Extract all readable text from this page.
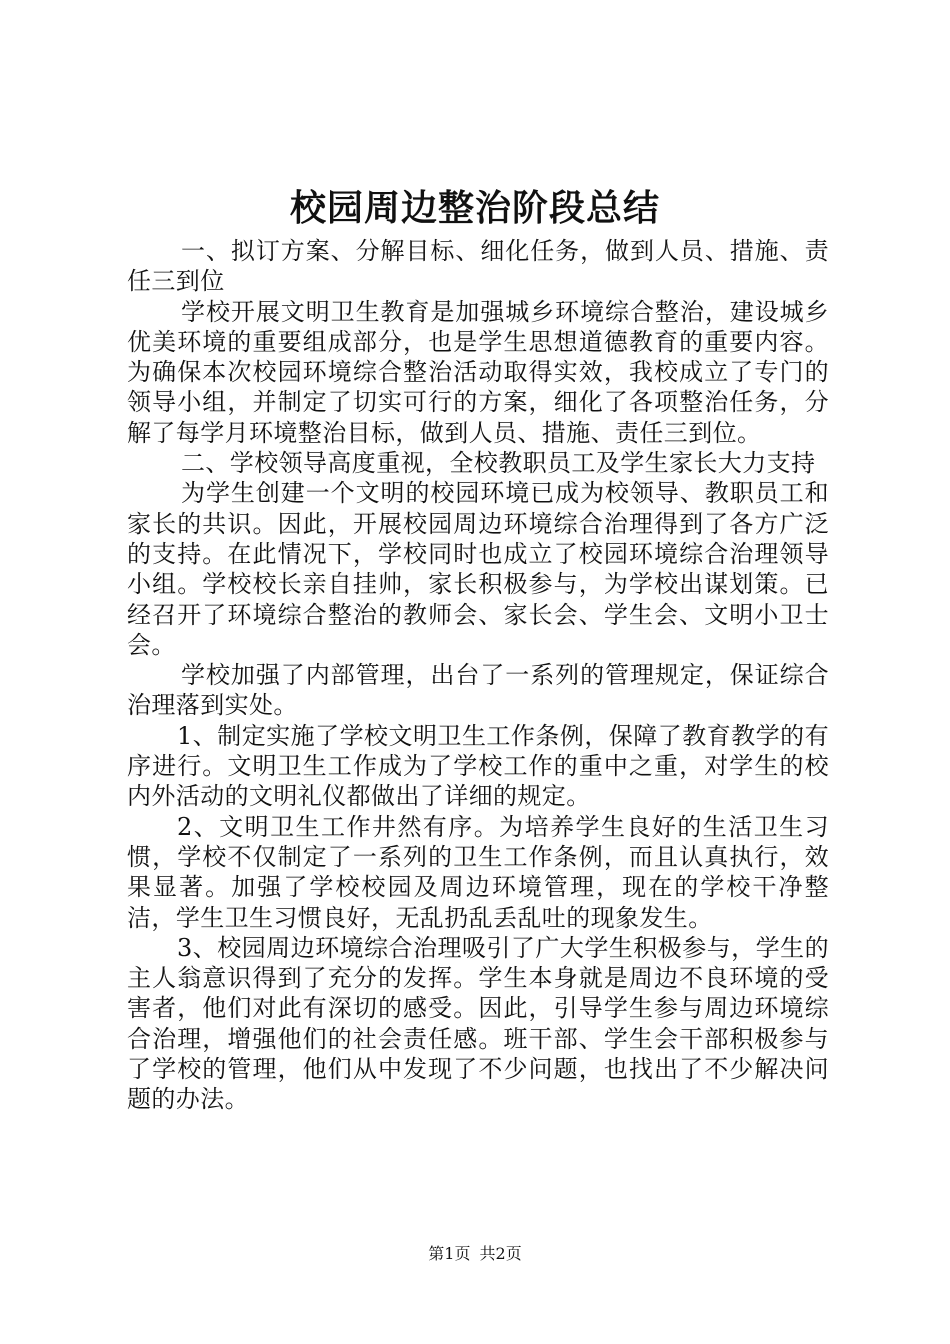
校园周边整治阶段总结

一、拟订方案、分解目标、细化任务，做到人员、措施、责任三到位

学校开展文明卫生教育是加强城乡环境综合整治，建设城乡优美环境的重要组成部分，也是学生思想道德教育的重要内容。为确保本次校园环境综合整治活动取得实效，我校成立了专门的领导小组，并制定了切实可行的方案，细化了各项整治任务，分解了每学月环境整治目标，做到人员、措施、责任三到位。

二、学校领导高度重视，全校教职员工及学生家长大力支持

为学生创建一个文明的校园环境已成为校领导、教职员工和家长的共识。因此，开展校园周边环境综合治理得到了各方广泛的支持。在此情况下，学校同时也成立了校园环境综合治理领导小组。学校校长亲自挂帅，家长积极参与，为学校出谋划策。已经召开了环境综合整治的教师会、家长会、学生会、文明小卫士会。

学校加强了内部管理，出台了一系列的管理规定，保证综合治理落到实处。

1、制定实施了学校文明卫生工作条例，保障了教育教学的有序进行。文明卫生工作成为了学校工作的重中之重，对学生的校内外活动的文明礼仪都做出了详细的规定。

2、文明卫生工作井然有序。为培养学生良好的生活卫生习惯，学校不仅制定了一系列的卫生工作条例，而且认真执行，效果显著。加强了学校校园及周边环境管理，现在的学校干净整洁，学生卫生习惯良好，无乱扔乱丢乱吐的现象发生。

3、校园周边环境综合治理吸引了广大学生积极参与，学生的主人翁意识得到了充分的发挥。学生本身就是周边不良环境的受害者，他们对此有深切的感受。因此，引导学生参与周边环境综合治理，增强他们的社会责任感。班干部、学生会干部积极参与了学校的管理，他们从中发现了不少问题，也找出了不少解决问题的办法。

第1页 共2页
